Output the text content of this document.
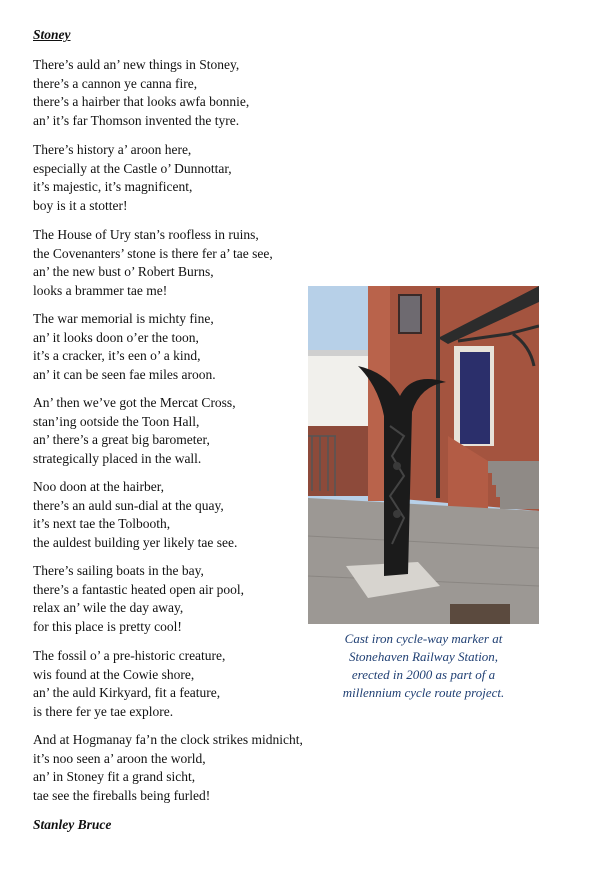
Stoney

There’s auld an’ new things in Stoney,
there’s a cannon ye canna fire,
there’s a hairber that looks awfa bonnie,
an’ it’s far Thomson invented the tyre.

There’s history a’ aroon here,
especially at the Castle o’ Dunnottar,
it’s majestic, it’s magnificent,
boy is it a stotter!

The House of Ury stan’s roofless in ruins,
the Covenanters’ stone is there fer a’ tae see,
an’ the new bust o’ Robert Burns,
looks a brammer tae me!

The war memorial is michty fine,
an’ it looks doon o’er the toon,
it’s a cracker, it’s een o’ a kind,
an’ it can be seen fae miles aroon.

An’ then we’ve got the Mercat Cross,
stan’ing ootside the Toon Hall,
an’ there’s a great big barometer,
strategically placed in the wall.

Noo doon at the hairber,
there’s an auld sun-dial at the quay,
it’s next tae the Tolbooth,
the auldest building yer likely tae see.

There’s sailing boats in the bay,
there’s a fantastic heated open air pool,
relax an’ wile the day away,
for this place is pretty cool!

The fossil o’ a pre-historic creature,
wis found at the Cowie shore,
an’ the auld Kirkyard, fit a feature,
is there fer ye tae explore.

And at Hogmanay fa’n the clock strikes midnicht,
it’s noo seen a’ aroon the world,
an’ in Stoney fit a grand sicht,
tae see the fireballs being furled!

Stanley Bruce

Cast iron cycle-way marker at
Stonehaven Railway Station,
erected in 2000 as part of a
millennium cycle route project.
